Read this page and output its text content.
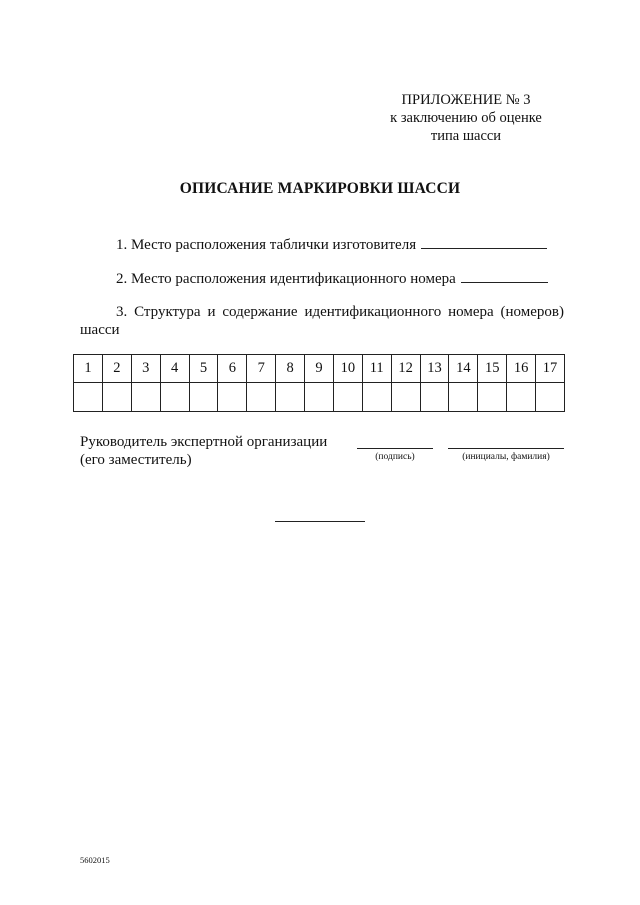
ПРИЛОЖЕНИЕ № 3
к заключению об оценке
типа шасси
ОПИСАНИЕ МАРКИРОВКИ ШАССИ
1. Место расположения таблички изготовителя
2. Место расположения идентификационного номера
3. Структура и содержание идентификационного номера (номеров) шасси
1	2	3	4	5	6	7	8	9	10	11	12	13	14	15	16	17

Руководитель экспертной организации
(его заместитель)	(подпись)	(инициалы, фамилия)
5602015
